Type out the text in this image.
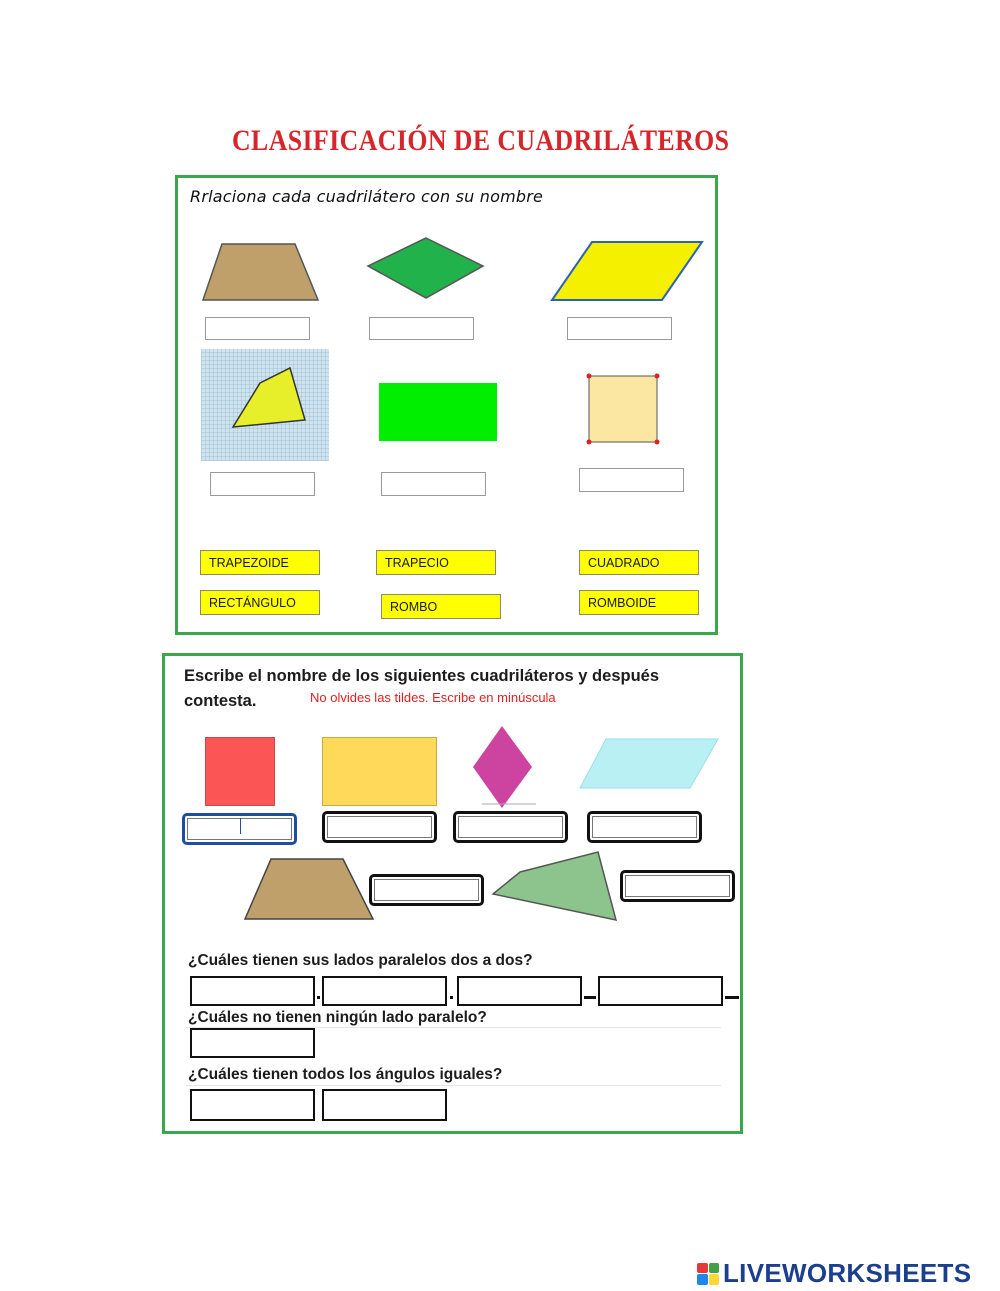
CLASIFICACIÓN DE CUADRILÁTEROS
Rrlaciona cada cuadrilátero con su nombre
TRAPEZOIDE	TRAPECIO	CUADRADO
RECTÁNGULO	ROMBO	ROMBOIDE
Escribe el nombre de los siguientes cuadriláteros y después contesta.	No olvides las tildes. Escribe en minúscula
¿Cuáles tienen sus lados paralelos dos a dos?
¿Cuáles no tienen ningún lado paralelo?
¿Cuáles tienen todos los ángulos iguales?
LIVEWORKSHEETS
